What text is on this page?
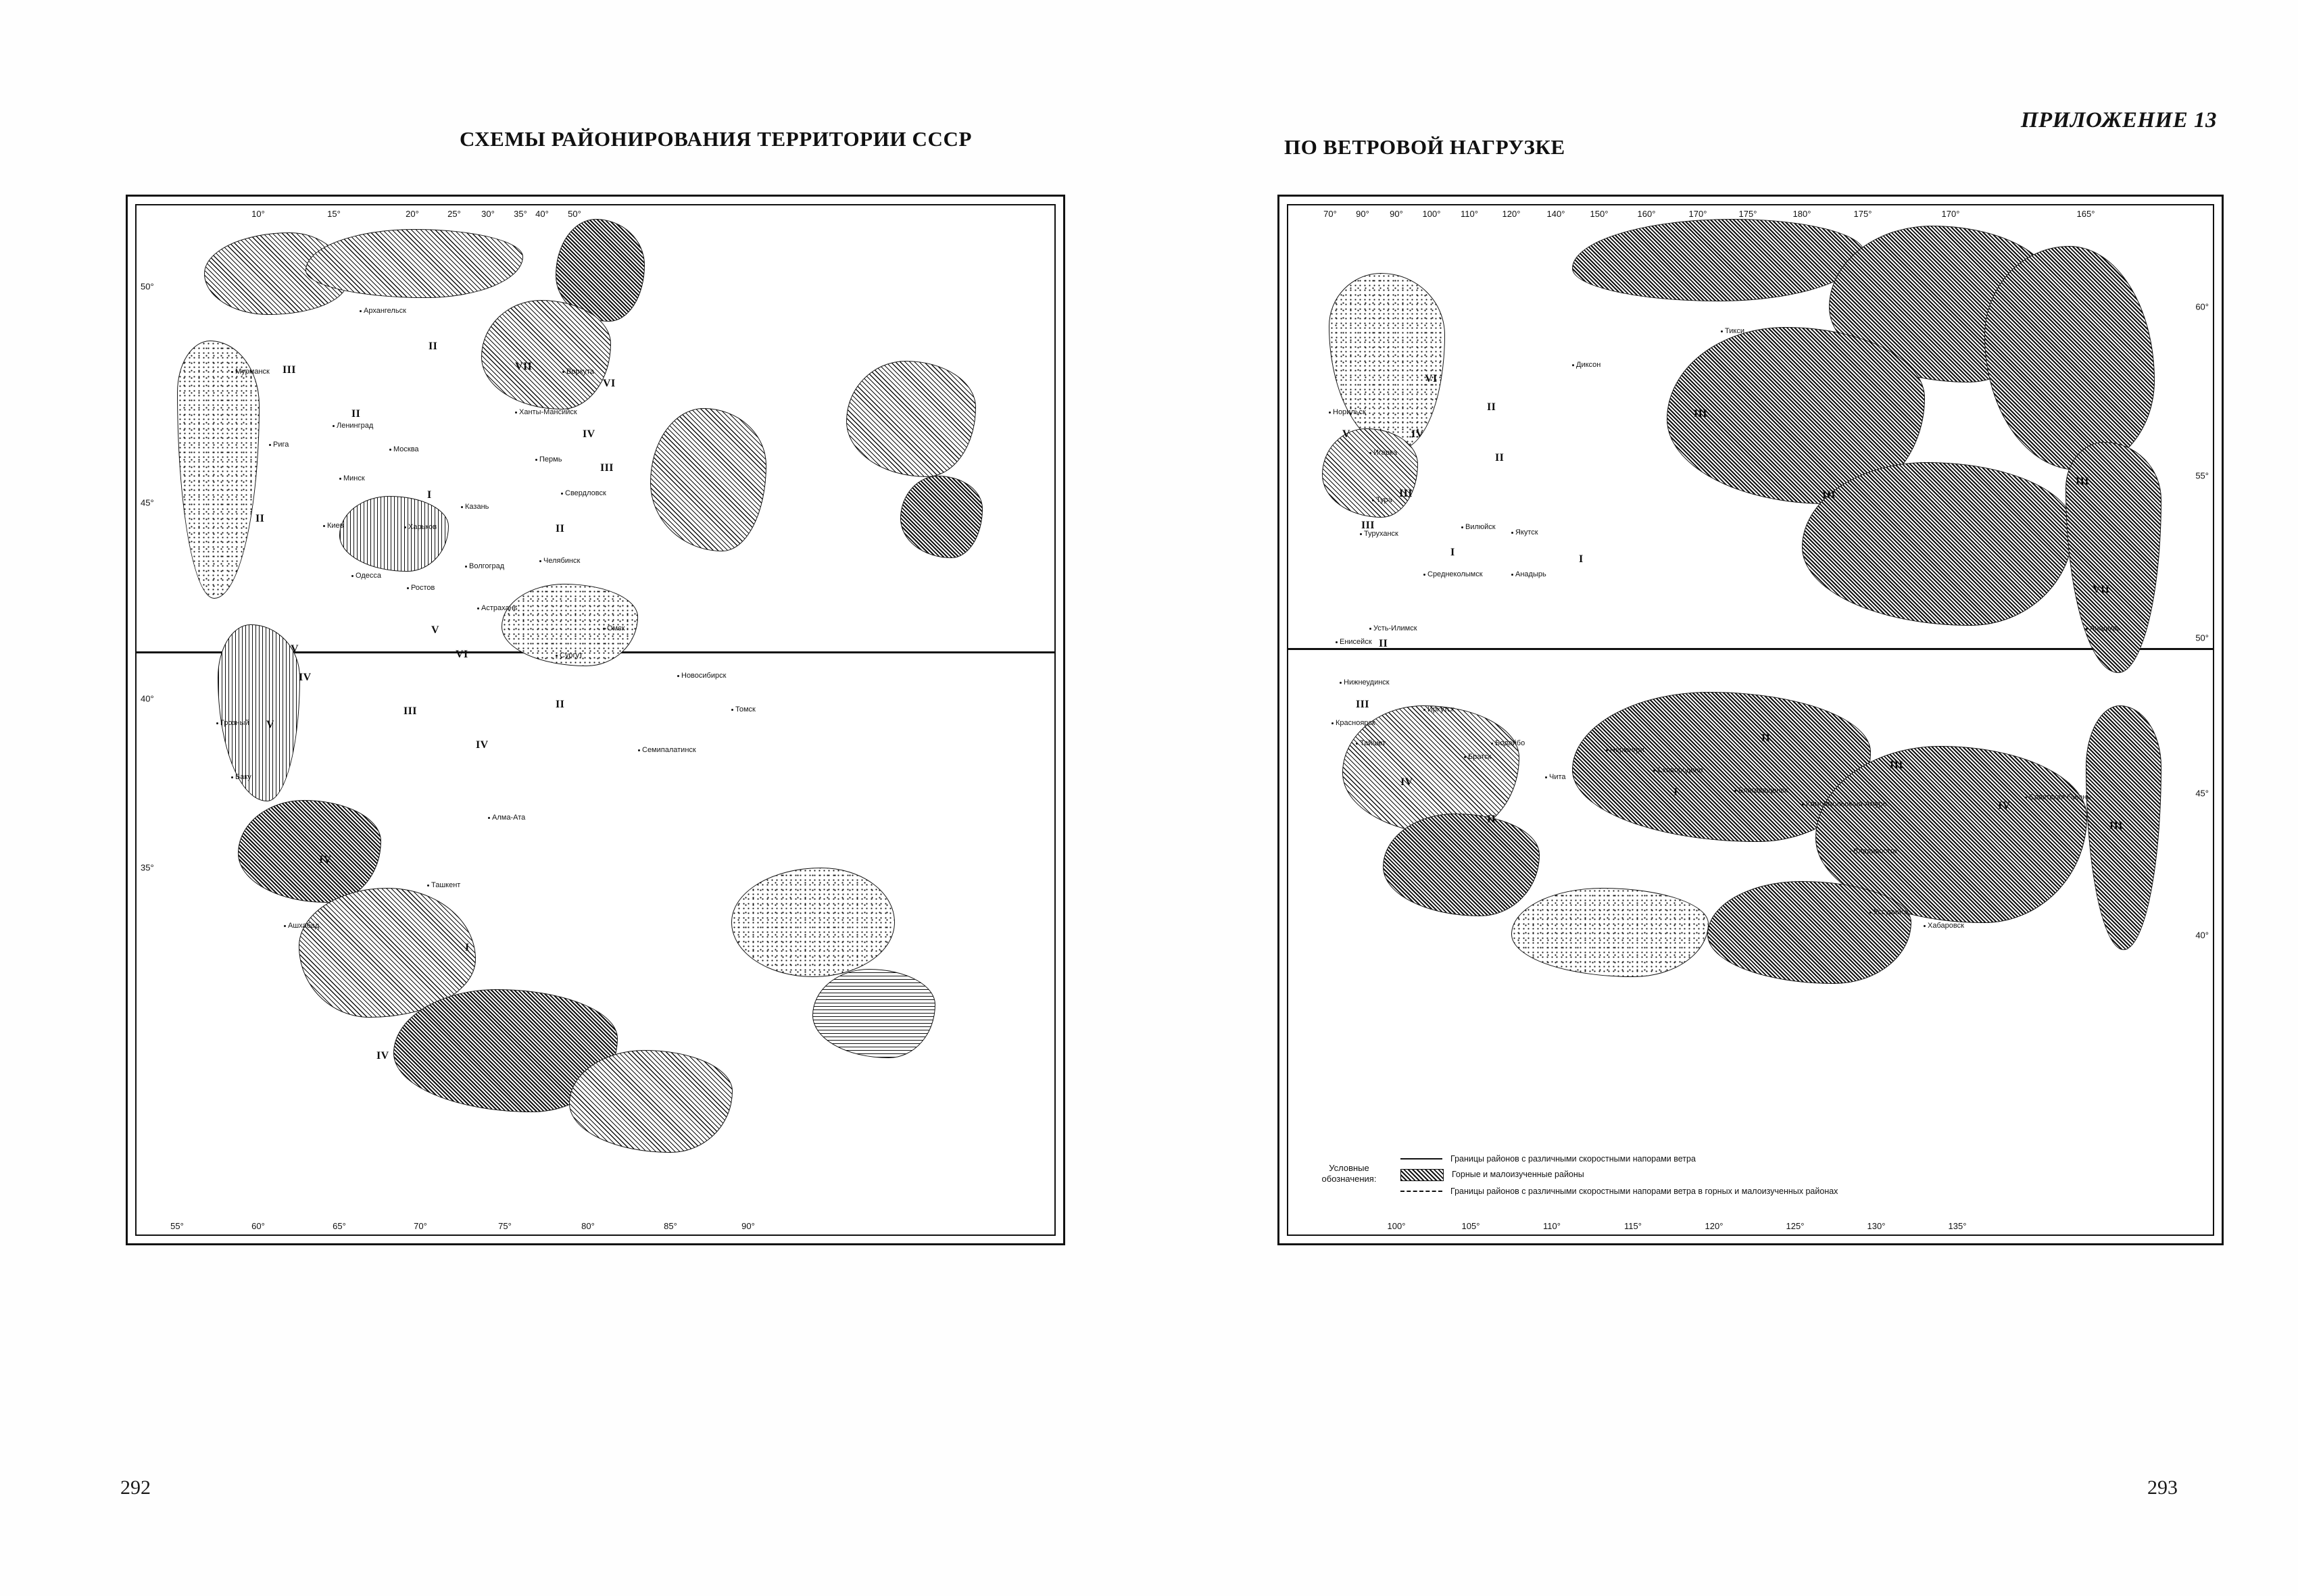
ПРИЛОЖЕНИЕ 13
СХЕМЫ РАЙОНИРОВАНИЯ ТЕРРИТОРИИ СССР	ПО ВЕТРОВОЙ НАГРУЗКЕ
III
II
II
VII
VI
IV
III
II
I
II
V
V
V
VI
III
IV
II
IV
I
IV
IV
Мурманск
Архангельск
Ленинград
Рига
Минск
Москва
Киев
Одесса
Харьков
Ростов
Волгоград
Астрахань
Казань
Пермь
Свердловск
Челябинск
Омск
Новосибирск
Томск
Семипалатинск
Алма-Ата
Ташкент
Ашхабад
Баку
Грозный
Воркута
Ханты-Мансийск
Сургут
10°	15°	20°	25° 30° 35° 40° 50°
55°	60°	65°	70°	75°	80°	85°	90°
50°
45°
40°
35°
V	IV
VI
III
III
II
II
I
I
III
III
III
VII
II
III
IV
II
I
II
III
IV
III
Норильск
Игарка
Тура
Туруханск
Вилюйск
Якутск
Анадырь
Среднеколымск
Усть-Илимск
Енисейск
Нижнеудинск
Красноярск
Тайшет
Иркутск
Братск
Бодайбо
Чита
Нерюнгри
Сковородино
Благовещенск
Комсомольск-на-Амуре
Владивосток
Уссурийск
Хабаровск
Советская Гавань
Анадырь
Диксон
Тикси
70° 90° 90° 100° 110°	120°	140°	150°	160°	170°	175°	180°	175°	170°	165°
100°	105°	110°	115°	120°	125°	130°	135°
60°
55°
50°
45°
40°
Условные обозначения:
Границы районов с различными скоростными напорами ветра
Горные и малоизученные районы
Границы районов с различными скоростными напорами ветра в горных и малоизученных районах
292	293
